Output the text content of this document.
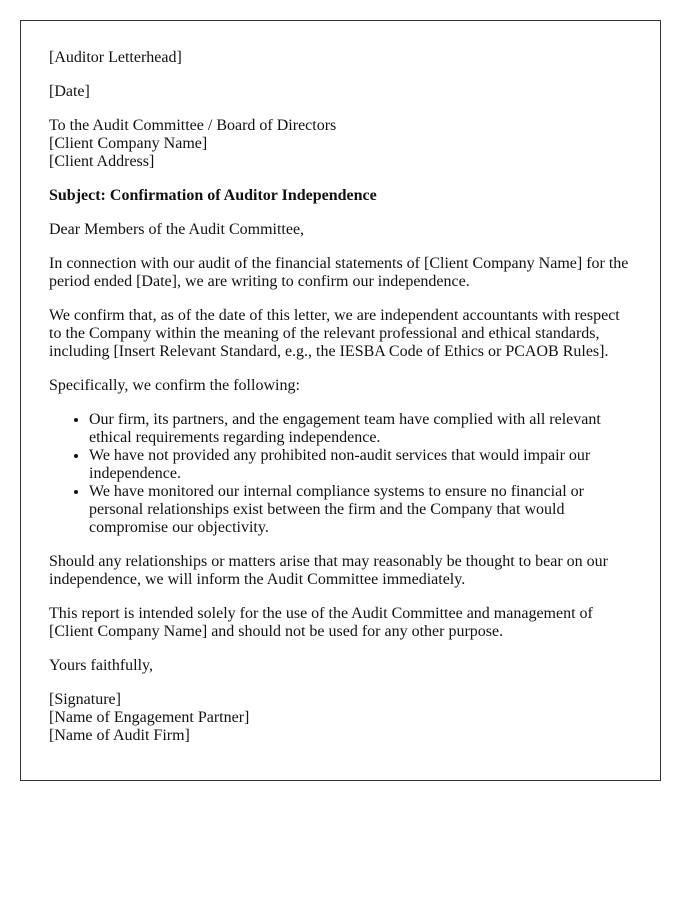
[Auditor Letterhead]

[Date]

To the Audit Committee / Board of Directors
[Client Company Name]
[Client Address]

Subject: Confirmation of Auditor Independence

Dear Members of the Audit Committee,

In connection with our audit of the financial statements of [Client Company Name] for the period ended [Date], we are writing to confirm our independence.

We confirm that, as of the date of this letter, we are independent accountants with respect to the Company within the meaning of the relevant professional and ethical standards, including [Insert Relevant Standard, e.g., the IESBA Code of Ethics or PCAOB Rules].

Specifically, we confirm the following:

• Our firm, its partners, and the engagement team have complied with all relevant ethical requirements regarding independence.
• We have not provided any prohibited non-audit services that would impair our independence.
• We have monitored our internal compliance systems to ensure no financial or personal relationships exist between the firm and the Company that would compromise our objectivity.

Should any relationships or matters arise that may reasonably be thought to bear on our independence, we will inform the Audit Committee immediately.

This report is intended solely for the use of the Audit Committee and management of [Client Company Name] and should not be used for any other purpose.

Yours faithfully,

[Signature]
[Name of Engagement Partner]
[Name of Audit Firm]
